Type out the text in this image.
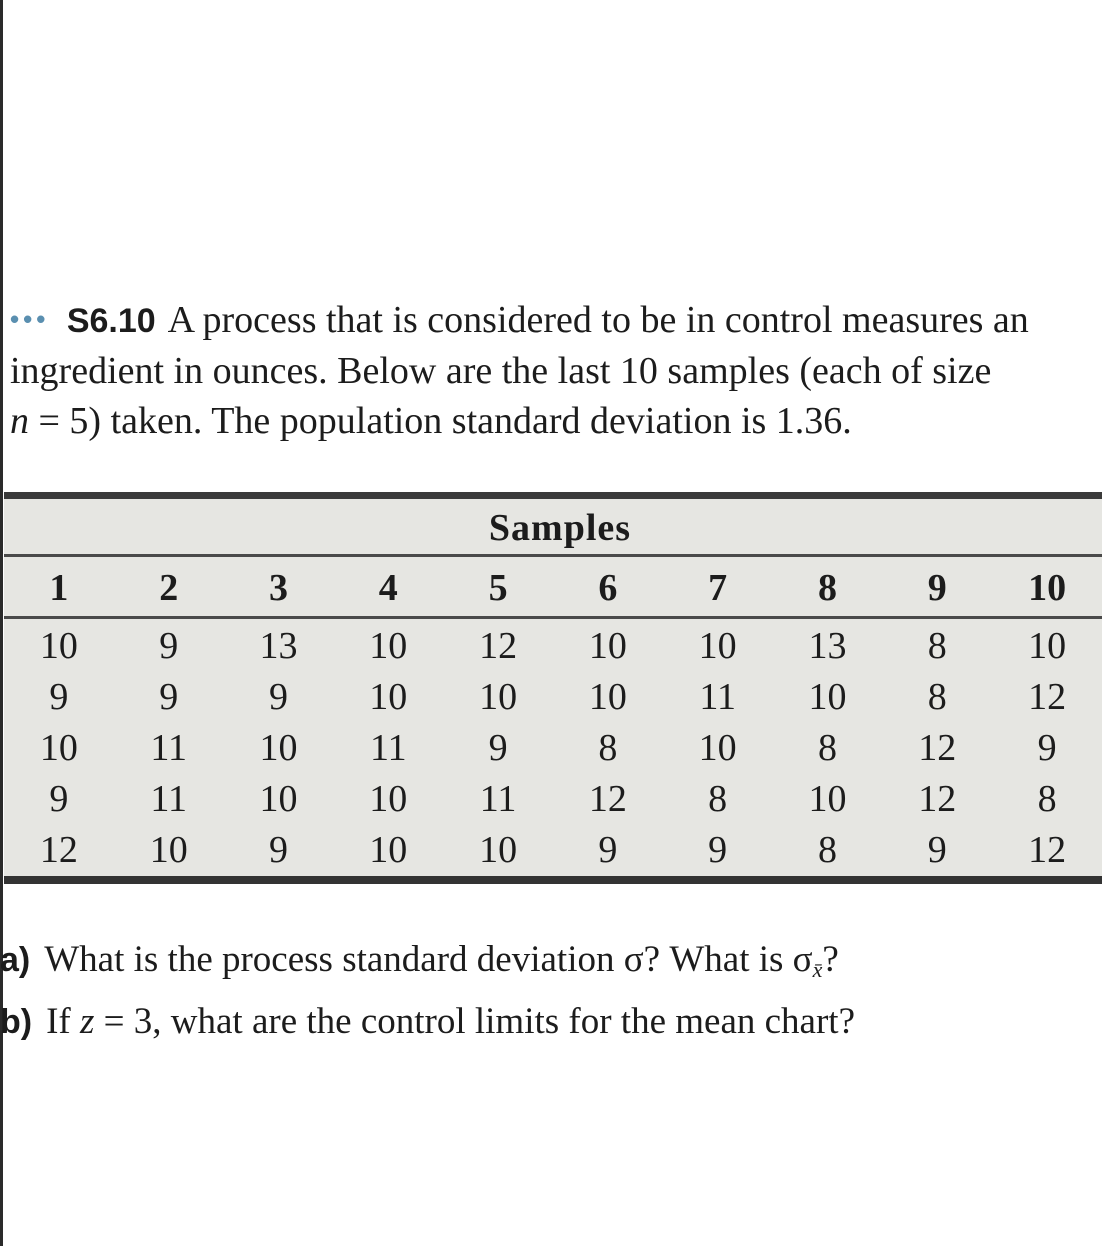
••• S6.10 A process that is considered to be in control measures an
ingredient in ounces. Below are the last 10 samples (each of size
n = 5) taken. The population standard deviation is 1.36.
Samples
1	2	3	4	5	6	7	8	9	10

10	9	13	10	12	10	10	13	8	10
9	9	9	10	10	10	11	10	8	12
10	11	10	11	9	8	10	8	12	9
9	11	10	10	11	12	8	10	12	8
12	10	9	10	10	9	9	8	9	12
a) What is the process standard deviation σ? What is $\sigma_{x̄}$?
b) If z = 3, what are the control limits for the mean chart?
